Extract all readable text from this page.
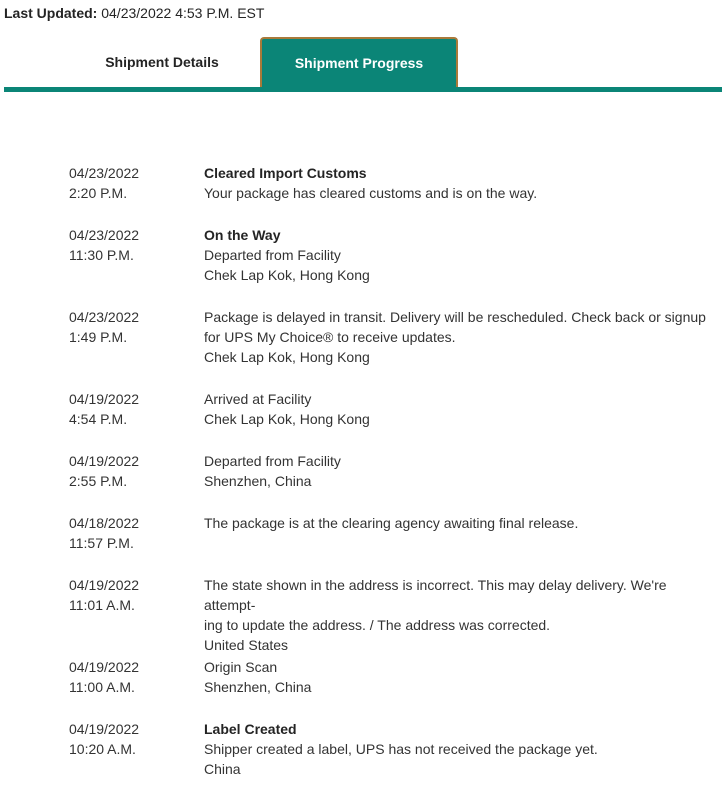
Last Updated: 04/23/2022 4:53 P.M. EST
Shipment Details	Shipment Progress
04/23/2022
2:20 P.M.
Cleared Import Customs
Your package has cleared customs and is on the way.
04/23/2022
11:30 P.M.
On the Way
Departed from Facility
Chek Lap Kok, Hong Kong
04/23/2022
1:49 P.M.
Package is delayed in transit. Delivery will be rescheduled. Check back or signup
for UPS My Choice® to receive updates.
Chek Lap Kok, Hong Kong
04/19/2022
4:54 P.M.
Arrived at Facility
Chek Lap Kok, Hong Kong
04/19/2022
2:55 P.M.
Departed from Facility
Shenzhen, China
04/18/2022
11:57 P.M.
The package is at the clearing agency awaiting final release.
04/19/2022
11:01 A.M.
The state shown in the address is incorrect. This may delay delivery. We're attempt-
ing to update the address. / The address was corrected.
United States
04/19/2022
11:00 A.M.
Origin Scan
Shenzhen, China
04/19/2022
10:20 A.M.
Label Created
Shipper created a label, UPS has not received the package yet.
China
